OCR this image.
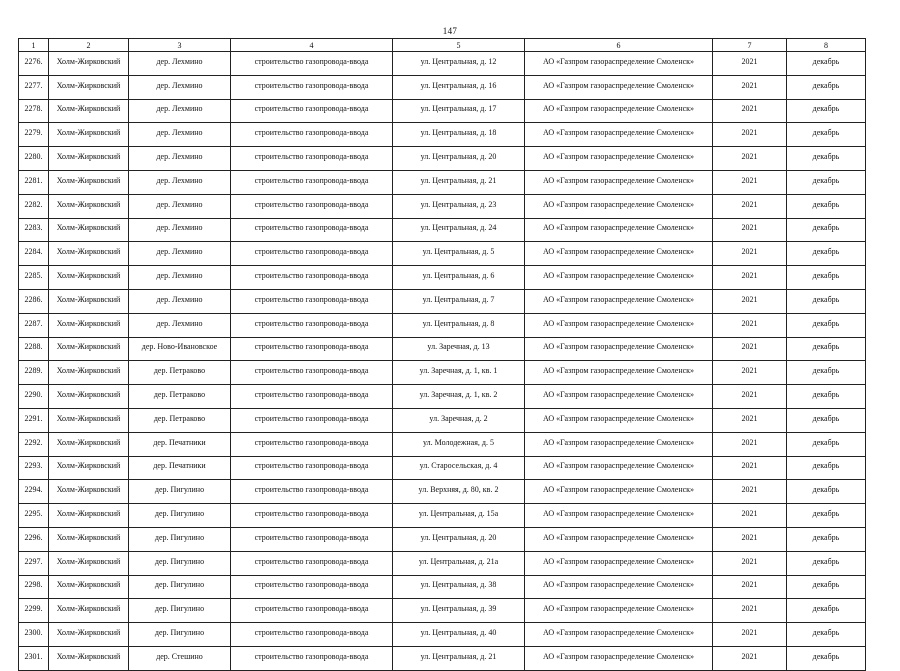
147
1	2	3	4	5	6	7	8
2276.	Холм-Жирковский	дер. Лехмино	строительство газопровода-ввода	ул. Центральная, д. 12	АО «Газпром газораспределение Смоленск»	2021	декабрь
2277.	Холм-Жирковский	дер. Лехмино	строительство газопровода-ввода	ул. Центральная, д. 16	АО «Газпром газораспределение Смоленск»	2021	декабрь
2278.	Холм-Жирковский	дер. Лехмино	строительство газопровода-ввода	ул. Центральная, д. 17	АО «Газпром газораспределение Смоленск»	2021	декабрь
2279.	Холм-Жирковский	дер. Лехмино	строительство газопровода-ввода	ул. Центральная, д. 18	АО «Газпром газораспределение Смоленск»	2021	декабрь
2280.	Холм-Жирковский	дер. Лехмино	строительство газопровода-ввода	ул. Центральная, д. 20	АО «Газпром газораспределение Смоленск»	2021	декабрь
2281.	Холм-Жирковский	дер. Лехмино	строительство газопровода-ввода	ул. Центральная, д. 21	АО «Газпром газораспределение Смоленск»	2021	декабрь
2282.	Холм-Жирковский	дер. Лехмино	строительство газопровода-ввода	ул. Центральная, д. 23	АО «Газпром газораспределение Смоленск»	2021	декабрь
2283.	Холм-Жирковский	дер. Лехмино	строительство газопровода-ввода	ул. Центральная, д. 24	АО «Газпром газораспределение Смоленск»	2021	декабрь
2284.	Холм-Жирковский	дер. Лехмино	строительство газопровода-ввода	ул. Центральная, д. 5	АО «Газпром газораспределение Смоленск»	2021	декабрь
2285.	Холм-Жирковский	дер. Лехмино	строительство газопровода-ввода	ул. Центральная, д. 6	АО «Газпром газораспределение Смоленск»	2021	декабрь
2286.	Холм-Жирковский	дер. Лехмино	строительство газопровода-ввода	ул. Центральная, д. 7	АО «Газпром газораспределение Смоленск»	2021	декабрь
2287.	Холм-Жирковский	дер. Лехмино	строительство газопровода-ввода	ул. Центральная, д. 8	АО «Газпром газораспределение Смоленск»	2021	декабрь
2288.	Холм-Жирковский	дер. Ново-Ивановское	строительство газопровода-ввода	ул. Заречная, д. 13	АО «Газпром газораспределение Смоленск»	2021	декабрь
2289.	Холм-Жирковский	дер. Петраково	строительство газопровода-ввода	ул. Заречная, д. 1, кв. 1	АО «Газпром газораспределение Смоленск»	2021	декабрь
2290.	Холм-Жирковский	дер. Петраково	строительство газопровода-ввода	ул. Заречная, д. 1, кв. 2	АО «Газпром газораспределение Смоленск»	2021	декабрь
2291.	Холм-Жирковский	дер. Петраково	строительство газопровода-ввода	ул. Заречная, д. 2	АО «Газпром газораспределение Смоленск»	2021	декабрь
2292.	Холм-Жирковский	дер. Печатники	строительство газопровода-ввода	ул. Молодежная, д. 5	АО «Газпром газораспределение Смоленск»	2021	декабрь
2293.	Холм-Жирковский	дер. Печатники	строительство газопровода-ввода	ул. Старосельская, д. 4	АО «Газпром газораспределение Смоленск»	2021	декабрь
2294.	Холм-Жирковский	дер. Пигулино	строительство газопровода-ввода	ул. Верхняя, д. 80, кв. 2	АО «Газпром газораспределение Смоленск»	2021	декабрь
2295.	Холм-Жирковский	дер. Пигулино	строительство газопровода-ввода	ул. Центральная, д. 15а	АО «Газпром газораспределение Смоленск»	2021	декабрь
2296.	Холм-Жирковский	дер. Пигулино	строительство газопровода-ввода	ул. Центральная, д. 20	АО «Газпром газораспределение Смоленск»	2021	декабрь
2297.	Холм-Жирковский	дер. Пигулино	строительство газопровода-ввода	ул. Центральная, д. 21а	АО «Газпром газораспределение Смоленск»	2021	декабрь
2298.	Холм-Жирковский	дер. Пигулино	строительство газопровода-ввода	ул. Центральная, д. 38	АО «Газпром газораспределение Смоленск»	2021	декабрь
2299.	Холм-Жирковский	дер. Пигулино	строительство газопровода-ввода	ул. Центральная, д. 39	АО «Газпром газораспределение Смоленск»	2021	декабрь
2300.	Холм-Жирковский	дер. Пигулино	строительство газопровода-ввода	ул. Центральная, д. 40	АО «Газпром газораспределение Смоленск»	2021	декабрь
2301.	Холм-Жирковский	дер. Стешино	строительство газопровода-ввода	ул. Центральная, д. 21	АО «Газпром газораспределение Смоленск»	2021	декабрь
